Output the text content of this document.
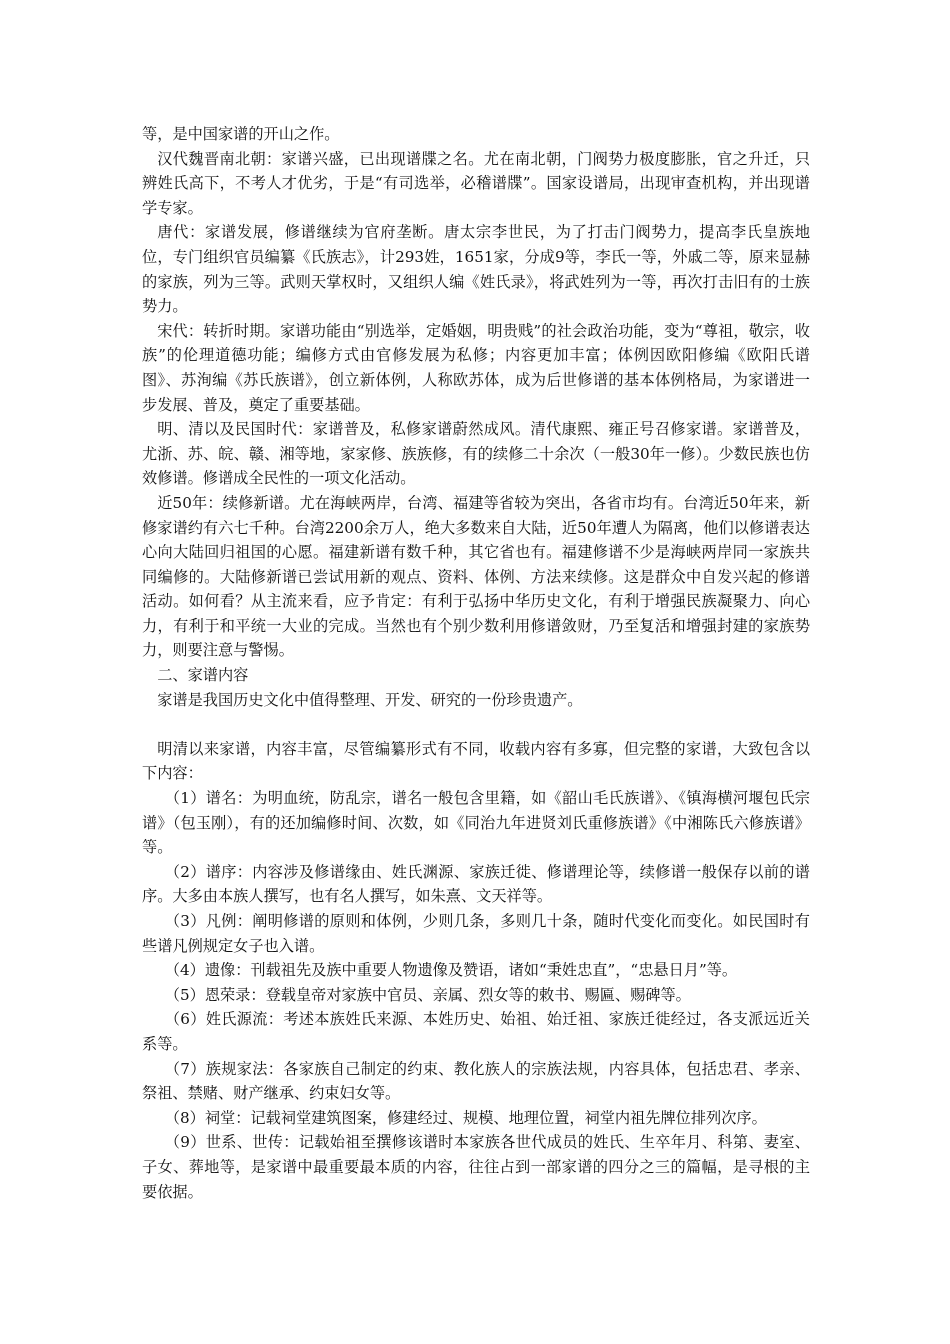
等，是中国家谱的开山之作。

汉代魏晋南北朝：家谱兴盛，已出现谱牒之名。尤在南北朝，门阀势力极度膨胀，官之升迁，只辨姓氏高下，不考人才优劣，于是“有司选举，必稽谱牒”。国家设谱局，出现审查机构，并出现谱学专家。

唐代：家谱发展，修谱继续为官府垄断。唐太宗李世民，为了打击门阀势力，提高李氏皇族地位，专门组织官员编纂《氏族志》，计293姓，1651家，分成9等，李氏一等，外戚二等，原来显赫的家族，列为三等。武则天掌权时，又组织人编《姓氏录》，将武姓列为一等，再次打击旧有的士族势力。

宋代：转折时期。家谱功能由“别选举，定婚姻，明贵贱”的社会政治功能，变为“尊祖，敬宗，收族”的伦理道德功能；编修方式由官修发展为私修；内容更加丰富；体例因欧阳修编《欧阳氏谱图》、苏洵编《苏氏族谱》，创立新体例，人称欧苏体，成为后世修谱的基本体例格局，为家谱进一步发展、普及，奠定了重要基础。

明、清以及民国时代：家谱普及，私修家谱蔚然成风。清代康熙、雍正号召修家谱。家谱普及，尤浙、苏、皖、赣、湘等地，家家修、族族修，有的续修二十余次（一般30年一修）。少数民族也仿效修谱。修谱成全民性的一项文化活动。

近50年：续修新谱。尤在海峡两岸，台湾、福建等省较为突出，各省市均有。台湾近50年来，新修家谱约有六七千种。台湾2200余万人，绝大多数来自大陆，近50年遭人为隔离，他们以修谱表达心向大陆回归祖国的心愿。福建新谱有数千种，其它省也有。福建修谱不少是海峡两岸同一家族共同编修的。大陆修新谱已尝试用新的观点、资料、体例、方法来续修。这是群众中自发兴起的修谱活动。如何看？从主流来看，应予肯定：有利于弘扬中华历史文化，有利于增强民族凝聚力、向心力，有利于和平统一大业的完成。当然也有个别少数利用修谱敛财，乃至复活和增强封建的家族势力，则要注意与警惕。

二、家谱内容

家谱是我国历史文化中值得整理、开发、研究的一份珍贵遗产。

明清以来家谱，内容丰富，尽管编纂形式有不同，收载内容有多寡，但完整的家谱，大致包含以下内容：

（1）谱名：为明血统，防乱宗，谱名一般包含里籍，如《韶山毛氏族谱》、《镇海横河堰包氏宗谱》（包玉刚），有的还加编修时间、次数，如《同治九年进贤刘氏重修族谱》《中湘陈氏六修族谱》等。

（2）谱序：内容涉及修谱缘由、姓氏渊源、家族迁徙、修谱理论等，续修谱一般保存以前的谱序。大多由本族人撰写，也有名人撰写，如朱熹、文天祥等。

（3）凡例：阐明修谱的原则和体例，少则几条，多则几十条，随时代变化而变化。如民国时有些谱凡例规定女子也入谱。

（4）遗像：刊载祖先及族中重要人物遗像及赞语，诸如“秉姓忠直”，“忠悬日月”等。

（5）恩荣录：登载皇帝对家族中官员、亲属、烈女等的敕书、赐匾、赐碑等。

（6）姓氏源流：考述本族姓氏来源、本姓历史、始祖、始迁祖、家族迁徙经过，各支派远近关系等。

（7）族规家法：各家族自己制定的约束、教化族人的宗族法规，内容具体，包括忠君、孝亲、祭祖、禁赌、财产继承、约束妇女等。

（8）祠堂：记载祠堂建筑图案，修建经过、规模、地理位置，祠堂内祖先牌位排列次序。

（9）世系、世传：记载始祖至撰修该谱时本家族各世代成员的姓氏、生卒年月、科第、妻室、子女、葬地等，是家谱中最重要最本质的内容，往往占到一部家谱的四分之三的篇幅，是寻根的主要依据。
